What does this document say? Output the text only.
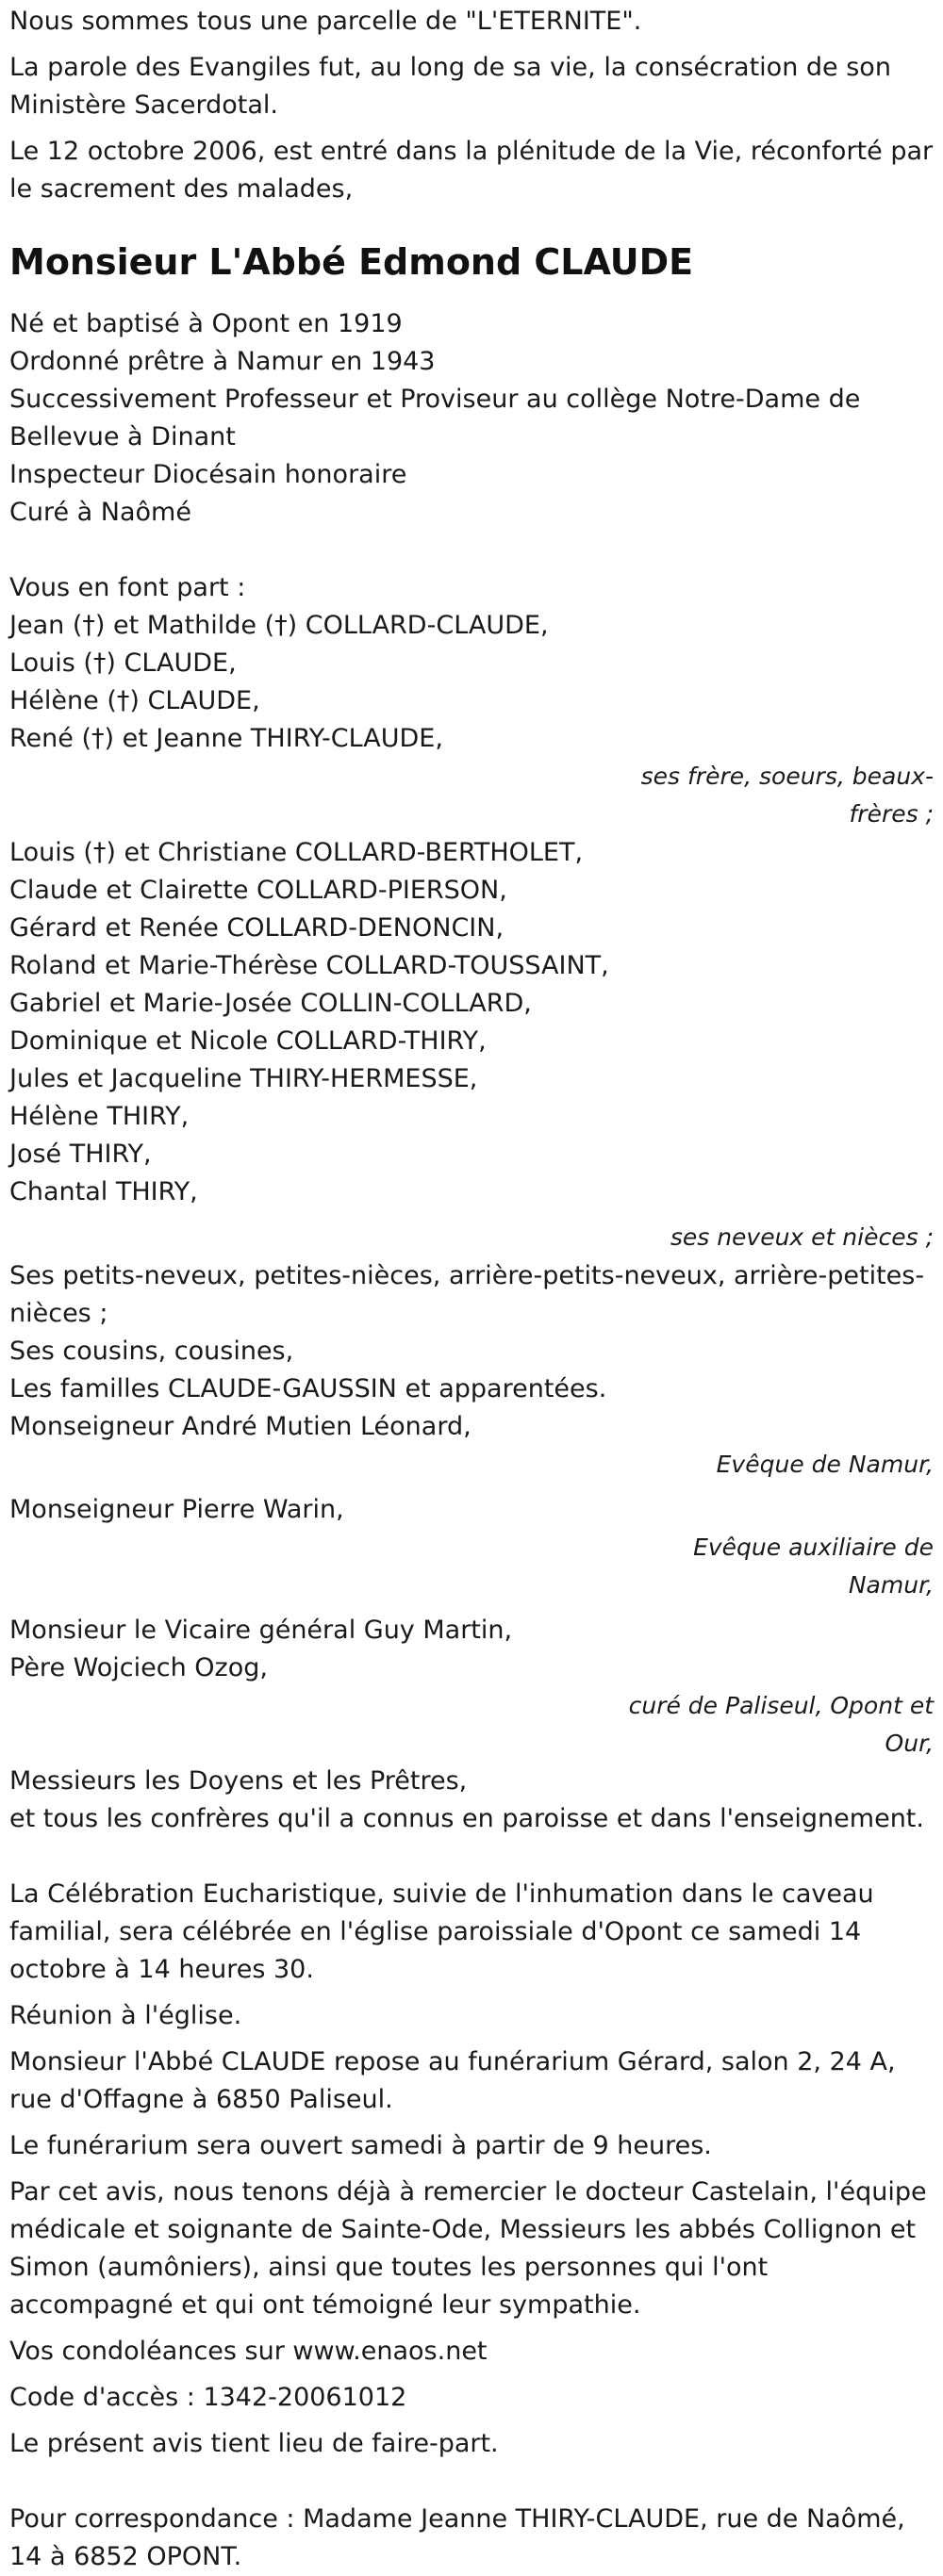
Nous sommes tous une parcelle de "L'ETERNITE".

La parole des Evangiles fut, au long de sa vie, la consécration de son Ministère Sacerdotal.

Le 12 octobre 2006, est entré dans la plénitude de la Vie, réconforté par le sacrement des malades,

Monsieur L'Abbé Edmond CLAUDE

Né et baptisé à Opont en 1919

Ordonné prêtre à Namur en 1943

Successivement Professeur et Proviseur au collège Notre-Dame de Bellevue à Dinant

Inspecteur Diocésain honoraire

Curé à Naômé

Vous en font part :

Jean (†) et Mathilde (†) COLLARD-CLAUDE,

Louis (†) CLAUDE,

Hélène (†) CLAUDE,

René (†) et Jeanne THIRY-CLAUDE,

ses frère, soeurs, beaux-frères ;

Louis (†) et Christiane COLLARD-BERTHOLET,

Claude et Clairette COLLARD-PIERSON,

Gérard et Renée COLLARD-DENONCIN,

Roland et Marie-Thérèse COLLARD-TOUSSAINT,

Gabriel et Marie-Josée COLLIN-COLLARD,

Dominique et Nicole COLLARD-THIRY,

Jules et Jacqueline THIRY-HERMESSE,

Hélène THIRY,

José THIRY,

Chantal THIRY,

ses neveux et nièces ;

Ses petits-neveux, petites-nièces, arrière-petits-neveux, arrière-petites-nièces ;

Ses cousins, cousines,

Les familles CLAUDE-GAUSSIN et apparentées.

Monseigneur André Mutien Léonard,

Evêque de Namur,

Monseigneur Pierre Warin,

Evêque auxiliaire de Namur,

Monsieur le Vicaire général Guy Martin,

Père Wojciech Ozog,

curé de Paliseul, Opont et Our,

Messieurs les Doyens et les Prêtres,

et tous les confrères qu'il a connus en paroisse et dans l'enseignement.

La Célébration Eucharistique, suivie de l'inhumation dans le caveau familial, sera célébrée en l'église paroissiale d'Opont ce samedi 14 octobre à 14 heures 30.

Réunion à l'église.

Monsieur l'Abbé CLAUDE repose au funérarium Gérard, salon 2, 24 A, rue d'Offagne à 6850 Paliseul.

Le funérarium sera ouvert samedi à partir de 9 heures.

Par cet avis, nous tenons déjà à remercier le docteur Castelain, l'équipe médicale et soignante de Sainte-Ode, Messieurs les abbés Collignon et Simon (aumôniers), ainsi que toutes les personnes qui l'ont accompagné et qui ont témoigné leur sympathie.

Vos condoléances sur www.enaos.net

Code d'accès : 1342-20061012

Le présent avis tient lieu de faire-part.

Pour correspondance : Madame Jeanne THIRY-CLAUDE, rue de Naômé, 14 à 6852 OPONT.
